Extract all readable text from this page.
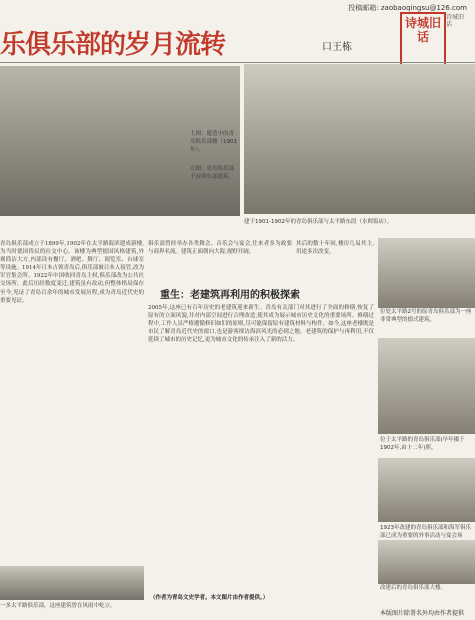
投稿邮箱: zaobaoqingsu@126.com
乐俱乐部的岁月流转	口王栋
诗城旧话
诗城旧话
上图：建造中的青岛俱乐部楼（1901年）。
左图：青岛俱乐部于台西东部建筑。
建于1901-1902年的青岛俱乐部与太平路东段（水师饭店）。
青岛俱乐部成立于1899年,1902年在太平路海滨建成新楼,为当时德国侨民的社交中心。该楼为典型德国风格建筑,外观简洁大方,内部设有餐厅、酒吧、舞厅、阅览室、台球室等设施。1914年日本占领青岛后,俱乐部被日本人接管,改为军官集会所。1922年中国收回青岛主权,俱乐部改为公共社交场所。此后历经数度变迁,建筑虽有改动,但整体格局保存至今,见证了青岛百余年的城市发展历程,成为青岛近代史的重要见证。
俱乐部曾经举办各类舞会、音乐会与宴会,往来者多为政要与商界名流。建筑正面朝向大海,视野开阔。
其后的数十年间,楼房几易其主,用途多次改变。
重生：老建筑再利用的积极探索
2005年,这座已有百年历史的老建筑迎来新生。青岛有关部门对其进行了全面的修缮,恢复了原有的立面风貌,并对内部空间进行合理改造,使其成为展示城市历史文化的重要场所。修缮过程中,工作人员严格遵循修旧如旧的原则,尽可能保留原有建筑材料与构件。如今,这座老楼既是市民了解青岛近代史的窗口,也是游客探访海滨风光的必到之地。老建筑的保护与再利用,不仅延续了城市的历史记忆,更为城市文化的传承注入了新的活力。
位处太平路2号的原青岛俱乐部为一座非常典型的德式建筑。
位于太平路的青岛俱乐部(早年摄于1902年,由十二年)照。
1923年改建的青岛俱乐部和海军俱乐部已成为重要的外事活动与宴会场
改建后的青岛俱乐部大楼。
一多太平路俱乐部，这座建筑曾在风雨中屹立。
（作者为青岛文史学者。本文图片由作者提供。）
本版图片除署名外均由作者提供
